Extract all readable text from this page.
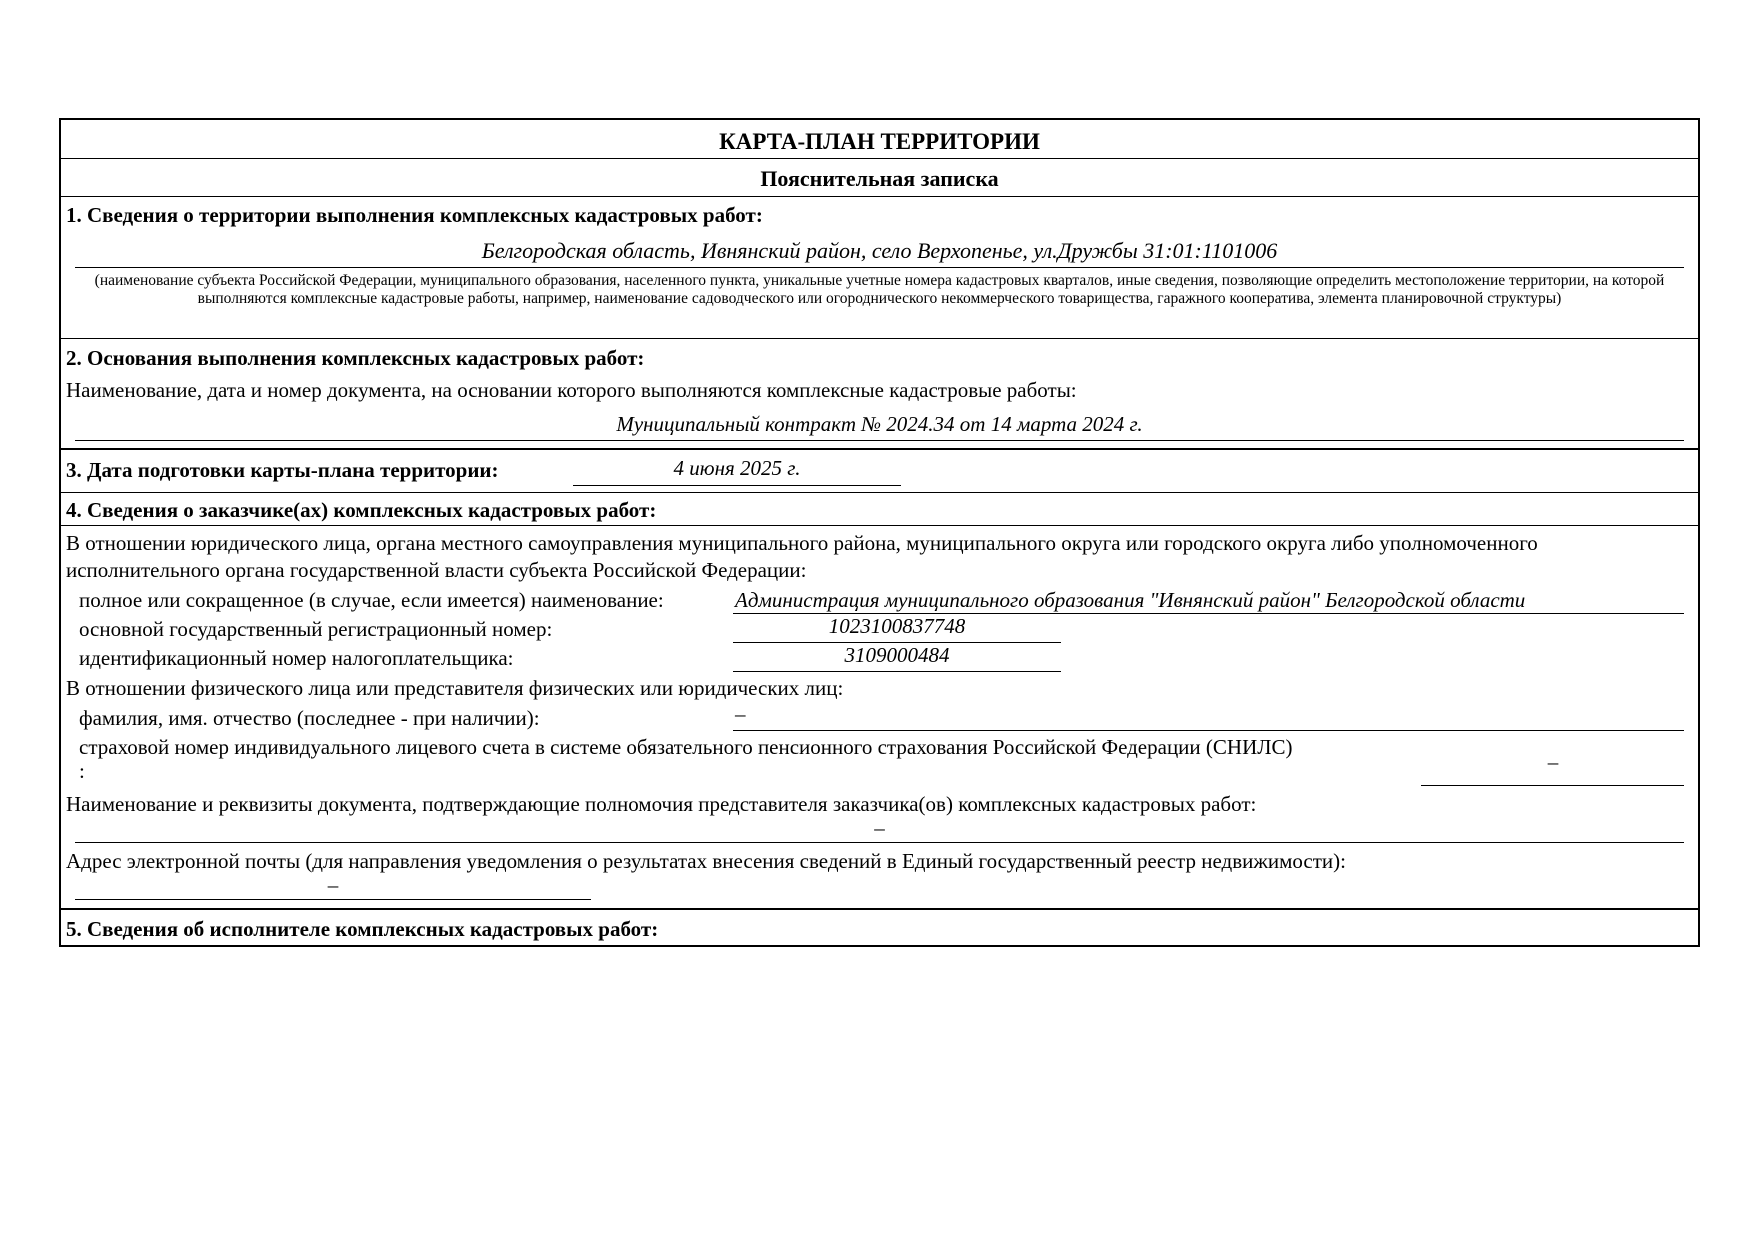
КАРТА-ПЛАН ТЕРРИТОРИИ
Пояснительная записка
1. Сведения о территории выполнения комплексных кадастровых работ:
Белгородская область, Ивнянский район, село Верхопенье, ул.Дружбы 31:01:1101006
(наименование субъекта Российской Федерации, муниципального образования, населенного пункта, уникальные учетные номера кадастровых кварталов, иные сведения, позволяющие определить местоположение территории, на которой выполняются комплексные кадастровые работы, например, наименование садоводческого или огороднического некоммерческого товарищества, гаражного кооператива, элемента планировочной структуры)
2. Основания выполнения комплексных кадастровых работ:
Наименование, дата и номер документа, на основании которого выполняются комплексные кадастровые работы:
Муниципальный контракт № 2024.34 от 14 марта 2024 г.
3. Дата подготовки карты-плана территории:	4 июня 2025 г.
4. Сведения о заказчике(ах) комплексных кадастровых работ:
В отношении юридического лица, органа местного самоуправления муниципального района, муниципального округа или городского округа либо уполномоченного исполнительного органа государственной власти субъекта Российской Федерации:
полное или сокращенное (в случае, если имеется) наименование:	Администрация муниципального образования "Ивнянский район" Белгородской области
основной государственный регистрационный номер:	1023100837748
идентификационный номер налогоплательщика:	3109000484
В отношении физического лица или представителя физических или юридических лиц:
фамилия, имя. отчество (последнее - при наличии):	–
страховой номер индивидуального лицевого счета в системе обязательного пенсионного страхования Российской Федерации (СНИЛС)
:	–
Наименование и реквизиты документа, подтверждающие полномочия представителя заказчика(ов) комплексных кадастровых работ:
–
Адрес электронной почты (для направления уведомления о результатах внесения сведений в Единый государственный реестр недвижимости):
–
5. Сведения об исполнителе комплексных кадастровых работ:
